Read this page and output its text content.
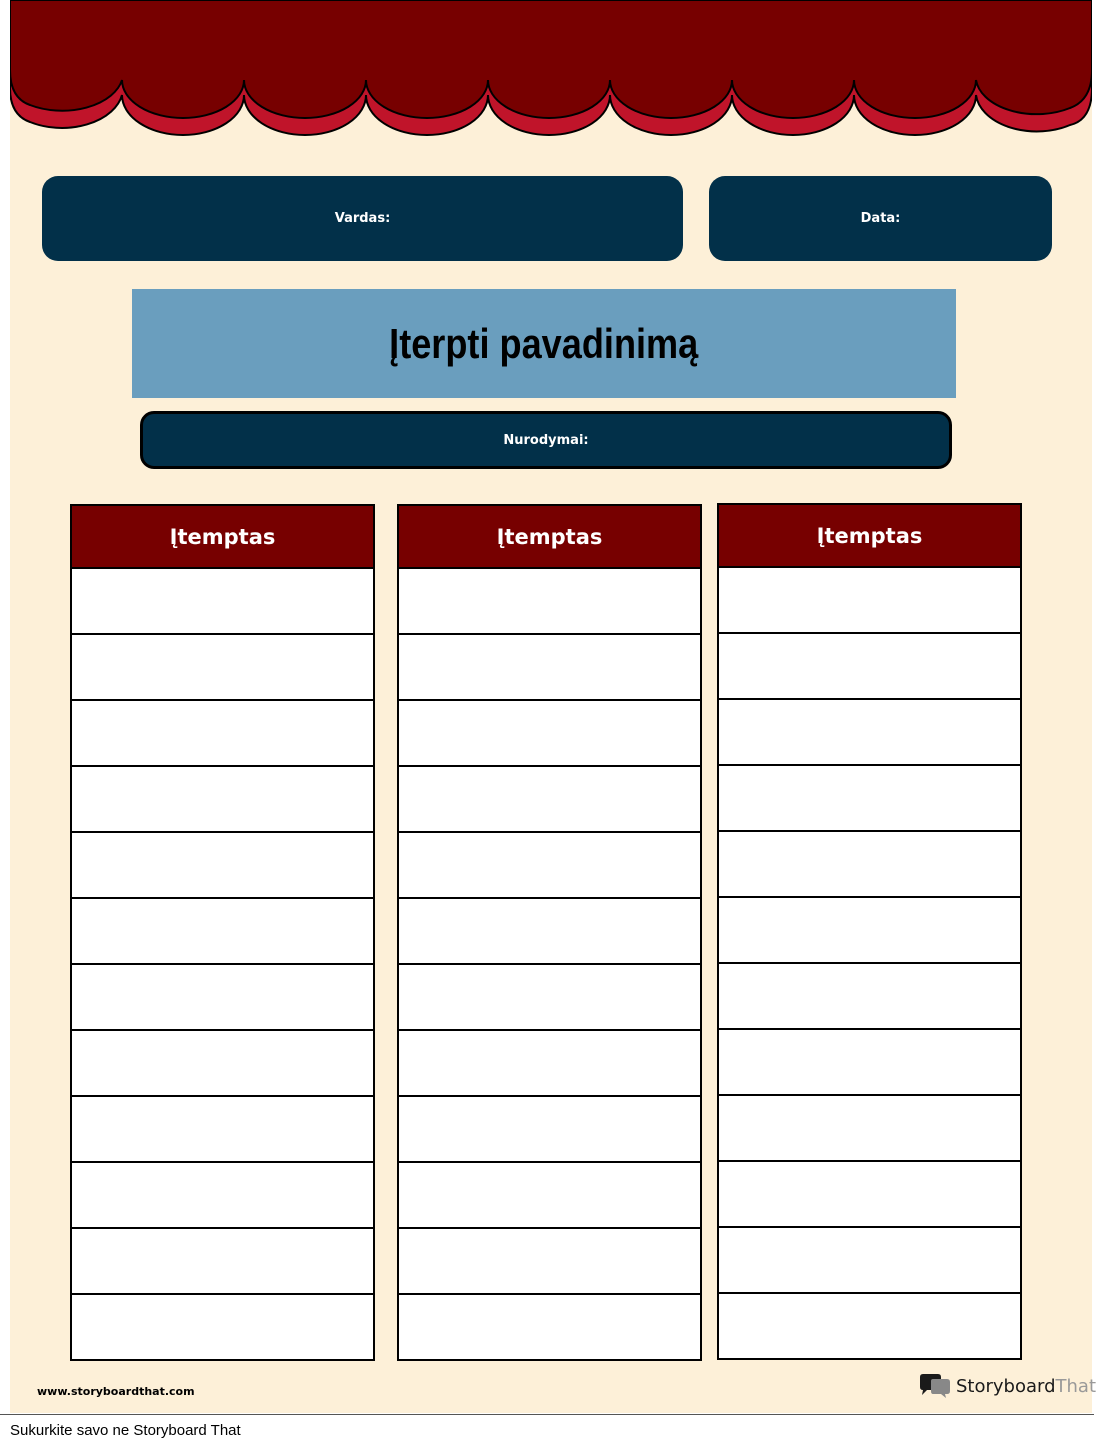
Vardas:	Data:
Įterpti pavadinimą
Nurodymai:
Įtemptas	Įtemptas	Įtemptas
www.storyboardthat.com	Storyboard That
Sukurkite savo ne Storyboard That
